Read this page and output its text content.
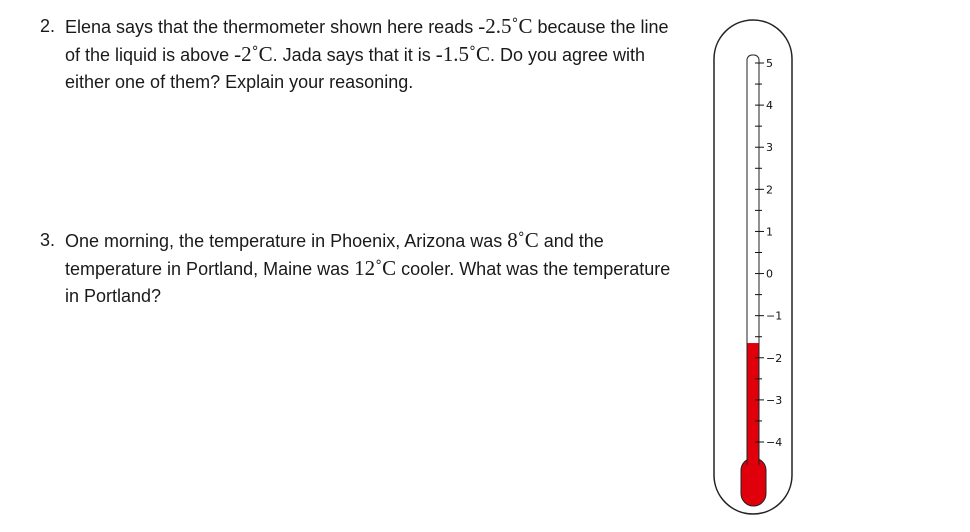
2. Elena says that the thermometer shown here reads -2.5˚C because the line of the liquid is above -2˚C. Jada says that it is -1.5˚C. Do you agree with either one of them? Explain your reasoning.
3. One morning, the temperature in Phoenix, Arizona was 8˚C and the temperature in Portland, Maine was 12˚C cooler. What was the temperature in Portland?
5
4
3
2
1
0
−1
−2
−3
−4
